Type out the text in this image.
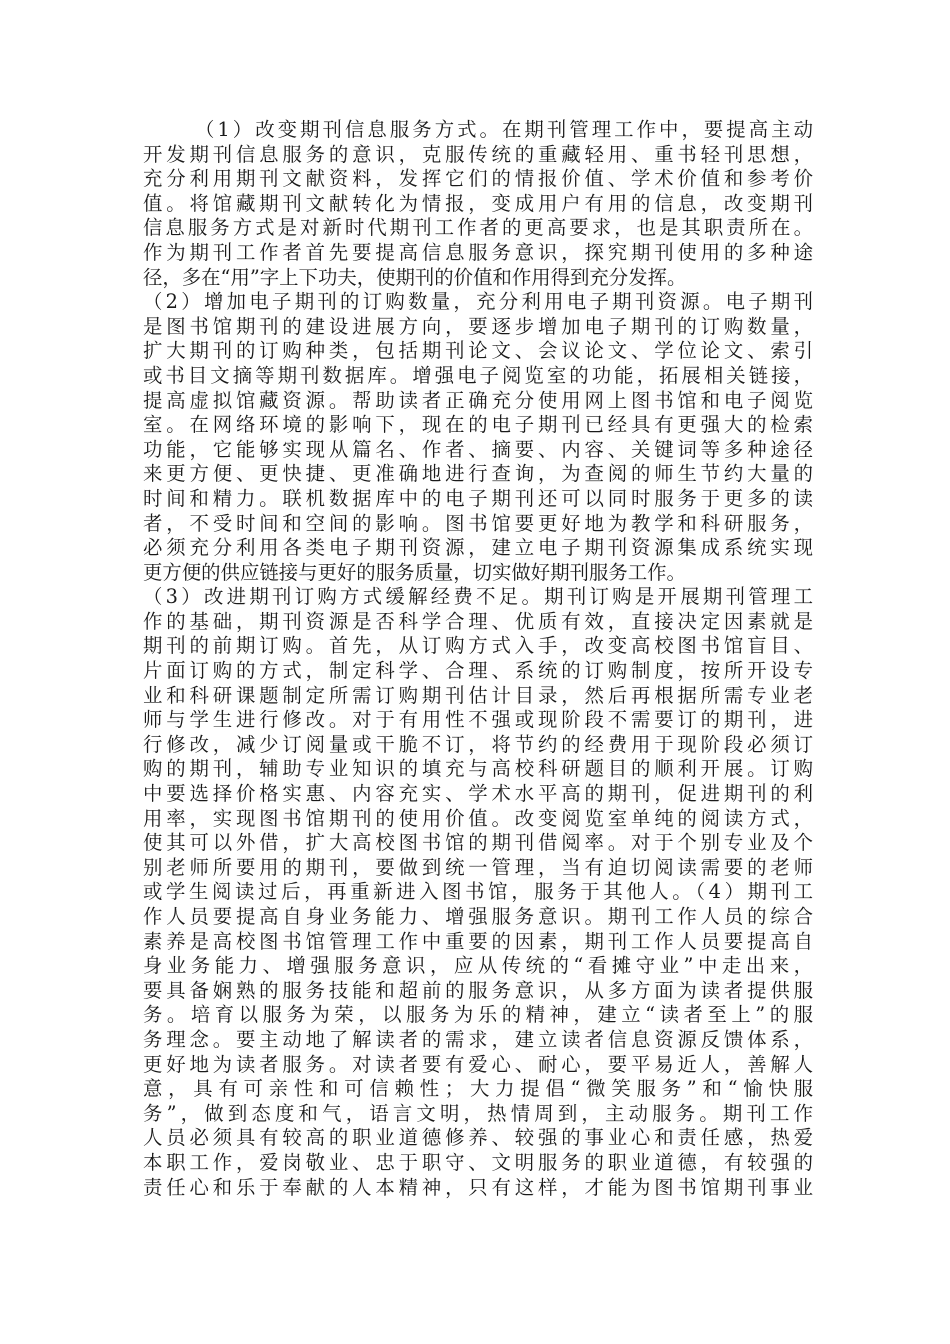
（1）改变期刊信息服务方式。在期刊管理工作中，要提高主动
开发期刊信息服务的意识，克服传统的重藏轻用、重书轻刊思想，
充分利用期刊文献资料，发挥它们的情报价值、学术价值和参考价
值。将馆藏期刊文献转化为情报，变成用户有用的信息，改变期刊
信息服务方式是对新时代期刊工作者的更高要求，也是其职责所在。
作为期刊工作者首先要提高信息服务意识，探究期刊使用的多种途
径，多在“用”字上下功夫，使期刊的价值和作用得到充分发挥。
（2）增加电子期刊的订购数量，充分利用电子期刊资源。电子期刊
是图书馆期刊的建设进展方向，要逐步增加电子期刊的订购数量，
扩大期刊的订购种类，包括期刊论文、会议论文、学位论文、索引
或书目文摘等期刊数据库。增强电子阅览室的功能，拓展相关链接，
提高虚拟馆藏资源。帮助读者正确充分使用网上图书馆和电子阅览
室。在网络环境的影响下，现在的电子期刊已经具有更强大的检索
功能，它能够实现从篇名、作者、摘要、内容、关键词等多种途径
来更方便、更快捷、更准确地进行查询，为查阅的师生节约大量的
时间和精力。联机数据库中的电子期刊还可以同时服务于更多的读
者，不受时间和空间的影响。图书馆要更好地为教学和科研服务，
必须充分利用各类电子期刊资源，建立电子期刊资源集成系统实现
更方便的供应链接与更好的服务质量，切实做好期刊服务工作。
（3）改进期刊订购方式缓解经费不足。期刊订购是开展期刊管理工
作的基础，期刊资源是否科学合理、优质有效，直接决定因素就是
期刊的前期订购。首先，从订购方式入手，改变高校图书馆盲目、
片面订购的方式，制定科学、合理、系统的订购制度，按所开设专
业和科研课题制定所需订购期刊估计目录，然后再根据所需专业老
师与学生进行修改。对于有用性不强或现阶段不需要订的期刊，进
行修改，减少订阅量或干脆不订，将节约的经费用于现阶段必须订
购的期刊，辅助专业知识的填充与高校科研题目的顺利开展。订购
中要选择价格实惠、内容充实、学术水平高的期刊，促进期刊的利
用率，实现图书馆期刊的使用价值。改变阅览室单纯的阅读方式，
使其可以外借，扩大高校图书馆的期刊借阅率。对于个别专业及个
别老师所要用的期刊，要做到统一管理，当有迫切阅读需要的老师
或学生阅读过后，再重新进入图书馆，服务于其他人。（4）期刊工
作人员要提高自身业务能力、增强服务意识。期刊工作人员的综合
素养是高校图书馆管理工作中重要的因素，期刊工作人员要提高自
身业务能力、增强服务意识，应从传统的“看摊守业”中走出来，
要具备娴熟的服务技能和超前的服务意识，从多方面为读者提供服
务。培育以服务为荣，以服务为乐的精神，建立“读者至上”的服
务理念。要主动地了解读者的需求，建立读者信息资源反馈体系，
更好地为读者服务。对读者要有爱心、耐心，要平易近人，善解人
意，具有可亲性和可信赖性；大力提倡“微笑服务”和“愉快服
务”，做到态度和气，语言文明，热情周到，主动服务。期刊工作
人员必须具有较高的职业道德修养、较强的事业心和责任感，热爱
本职工作，爱岗敬业、忠于职守、文明服务的职业道德，有较强的
责任心和乐于奉献的人本精神，只有这样，才能为图书馆期刊事业
